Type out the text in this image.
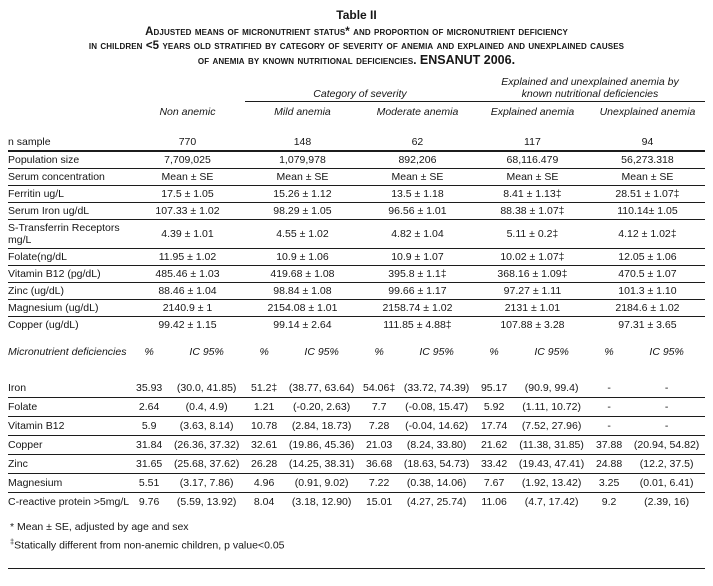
Table II
Adjusted means of micronutrient status* and proportion of micronutrient deficiency
in children <5 years old stratified by category of severity of anemia and explained and unexplained causes
of anemia by known nutritional deficiencies. ENSANUT 2006.
			Category of severity				Explained and unexplained anemia by known nutritional deficiencies			

	Non anemic		Mild anemia		Moderate anemia		Explained anemia		Unexplained anemia	

n sample	770		148		62		117		94	
Population size	7,709,025		1,079,978		892,206		68,116.479		56,273.318	
Serum concentration	Mean ± SE		Mean ± SE		Mean ± SE		Mean ± SE		Mean ± SE	
Ferritin ug/L	17.5 ± 1.05		15.26 ± 1.12		13.5 ± 1.18		8.41 ± 1.13‡		28.51 ± 1.07‡	
Serum Iron ug/dL	107.33 ± 1.02		98.29 ± 1.05		96.56 ± 1.01		88.38 ± 1.07‡		110.14± 1.05	
S-Transferrin Receptors mg/L	4.39 ± 1.01		4.55 ± 1.02		4.82 ± 1.04		5.11 ± 0.2‡		4.12 ± 1.02‡	
Folate(ng/dL	11.95 ± 1.02		10.9 ± 1.06		10.9 ± 1.07		10.02 ± 1.07‡		12.05 ± 1.06	
Vitamin B12 (pg/dL)	485.46 ± 1.03		419.68 ± 1.08		395.8 ± 1.1‡		368.16 ± 1.09‡		470.5 ± 1.07	
Zinc (ug/dL)	88.46 ± 1.04		98.84 ± 1.08		99.66 ± 1.17		97.27 ± 1.11		101.3 ± 1.10	
Magnesium (ug/dL)	2140.9 ± 1		2154.08 ± 1.01		2158.74 ± 1.02		2131 ± 1.01		2184.6 ± 1.02	
Copper (ug/dL)	99.42 ± 1.15		99.14 ± 2.64		111.85 ± 4.88‡		107.88 ± 3.28		97.31 ± 3.65	

Micronutrient deficiencies	%	IC 95%	%	IC 95%	%	IC 95%	%	IC 95%	%	IC 95%

Iron	35.93	(30.0, 41.85)	51.2‡	(38.77, 63.64)	54.06‡	(33.72, 74.39)	95.17	(90.9, 99.4)	-	-
Folate	2.64	(0.4, 4.9)	1.21	(-0.20, 2.63)	7.7	(-0.08, 15.47)	5.92	(1.11, 10.72)	-	-
Vitamin B12	5.9	(3.63, 8.14)	10.78	(2.84, 18.73)	7.28	(-0.04, 14.62)	17.74	(7.52, 27.96)	-	-
Copper	31.84	(26.36, 37.32)	32.61	(19.86, 45.36)	21.03	(8.24, 33.80)	21.62	(11.38, 31.85)	37.88	(20.94, 54.82)
Zinc	31.65	(25.68, 37.62)	26.28	(14.25, 38.31)	36.68	(18.63, 54.73)	33.42	(19.43, 47.41)	24.88	(12.2, 37.5)
Magnesium	5.51	(3.17, 7.86)	4.96	(0.91, 9.02)	7.22	(0.38, 14.06)	7.67	(1.92, 13.42)	3.25	(0.01, 6.41)
C-reactive protein >5mg/L	9.76	(5.59, 13.92)	8.04	(3.18, 12.90)	15.01	(4.27, 25.74)	11.06	(4.7, 17.42)	9.2	(2.39, 16)
* Mean ± SE, adjusted by age and sex
‡Statically different from non-anemic children, p value<0.05
